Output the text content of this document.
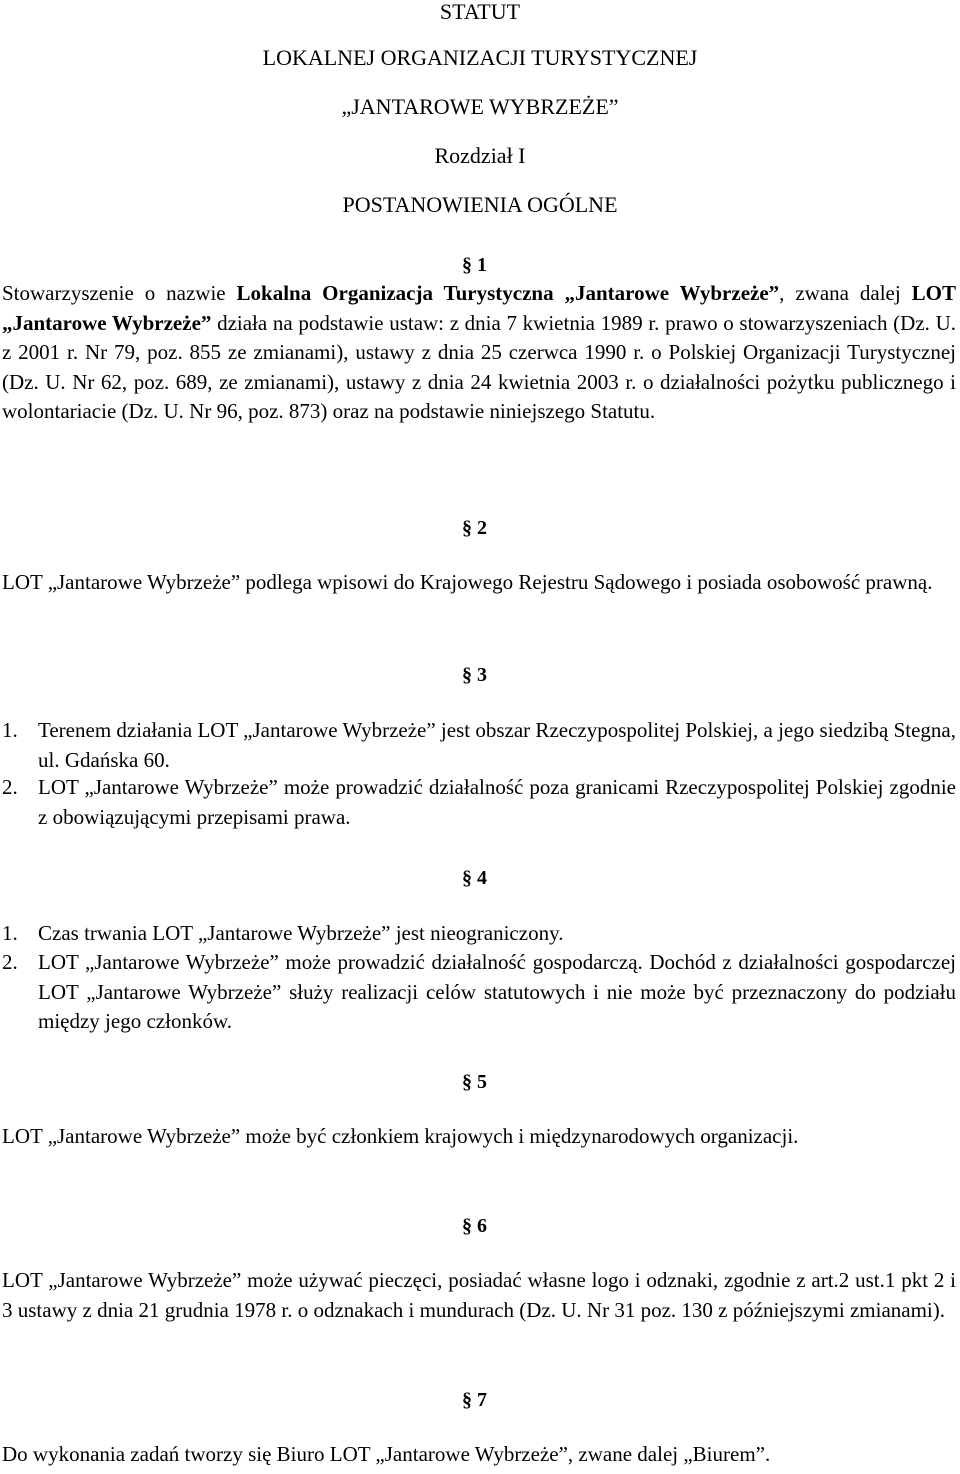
STATUT
LOKALNEJ ORGANIZACJI TURYSTYCZNEJ
„JANTAROWE WYBRZEŻE”
Rozdział I
POSTANOWIENIA OGÓLNE
§ 1
Stowarzyszenie o nazwie Lokalna Organizacja Turystyczna „Jantarowe Wybrzeże”, zwana dalej LOT „Jantarowe Wybrzeże” działa na podstawie ustaw: z dnia 7 kwietnia 1989 r. prawo o stowarzyszeniach (Dz. U. z 2001 r. Nr 79, poz. 855 ze zmianami), ustawy z dnia 25 czerwca 1990 r. o Polskiej Organizacji Turystycznej (Dz. U. Nr 62, poz. 689, ze zmianami), ustawy z dnia 24 kwietnia 2003 r. o działalności pożytku publicznego i wolontariacie (Dz. U. Nr 96, poz. 873) oraz na podstawie niniejszego Statutu.
§ 2
LOT „Jantarowe Wybrzeże” podlega wpisowi do Krajowego Rejestru Sądowego i posiada osobowość prawną.
§ 3
1. Terenem działania LOT „Jantarowe Wybrzeże” jest obszar Rzeczypospolitej Polskiej, a jego siedzibą Stegna, ul. Gdańska 60.
2. LOT „Jantarowe Wybrzeże” może prowadzić działalność poza granicami Rzeczypospolitej Polskiej zgodnie z obowiązującymi przepisami prawa.
§ 4
1. Czas trwania LOT „Jantarowe Wybrzeże” jest nieograniczony.
2. LOT „Jantarowe Wybrzeże” może prowadzić działalność gospodarczą. Dochód z działalności gospodarczej LOT „Jantarowe Wybrzeże” służy realizacji celów statutowych i nie może być przeznaczony do podziału między jego członków.
§ 5
LOT „Jantarowe Wybrzeże” może być członkiem krajowych i międzynarodowych organizacji.
§ 6
LOT „Jantarowe Wybrzeże” może używać pieczęci, posiadać własne logo i odznaki, zgodnie z art.2 ust.1 pkt 2 i 3 ustawy z dnia 21 grudnia 1978 r. o odznakach i mundurach (Dz. U. Nr 31 poz. 130 z późniejszymi zmianami).
§ 7
Do wykonania zadań tworzy się Biuro LOT „Jantarowe Wybrzeże”, zwane dalej „Biurem”.
